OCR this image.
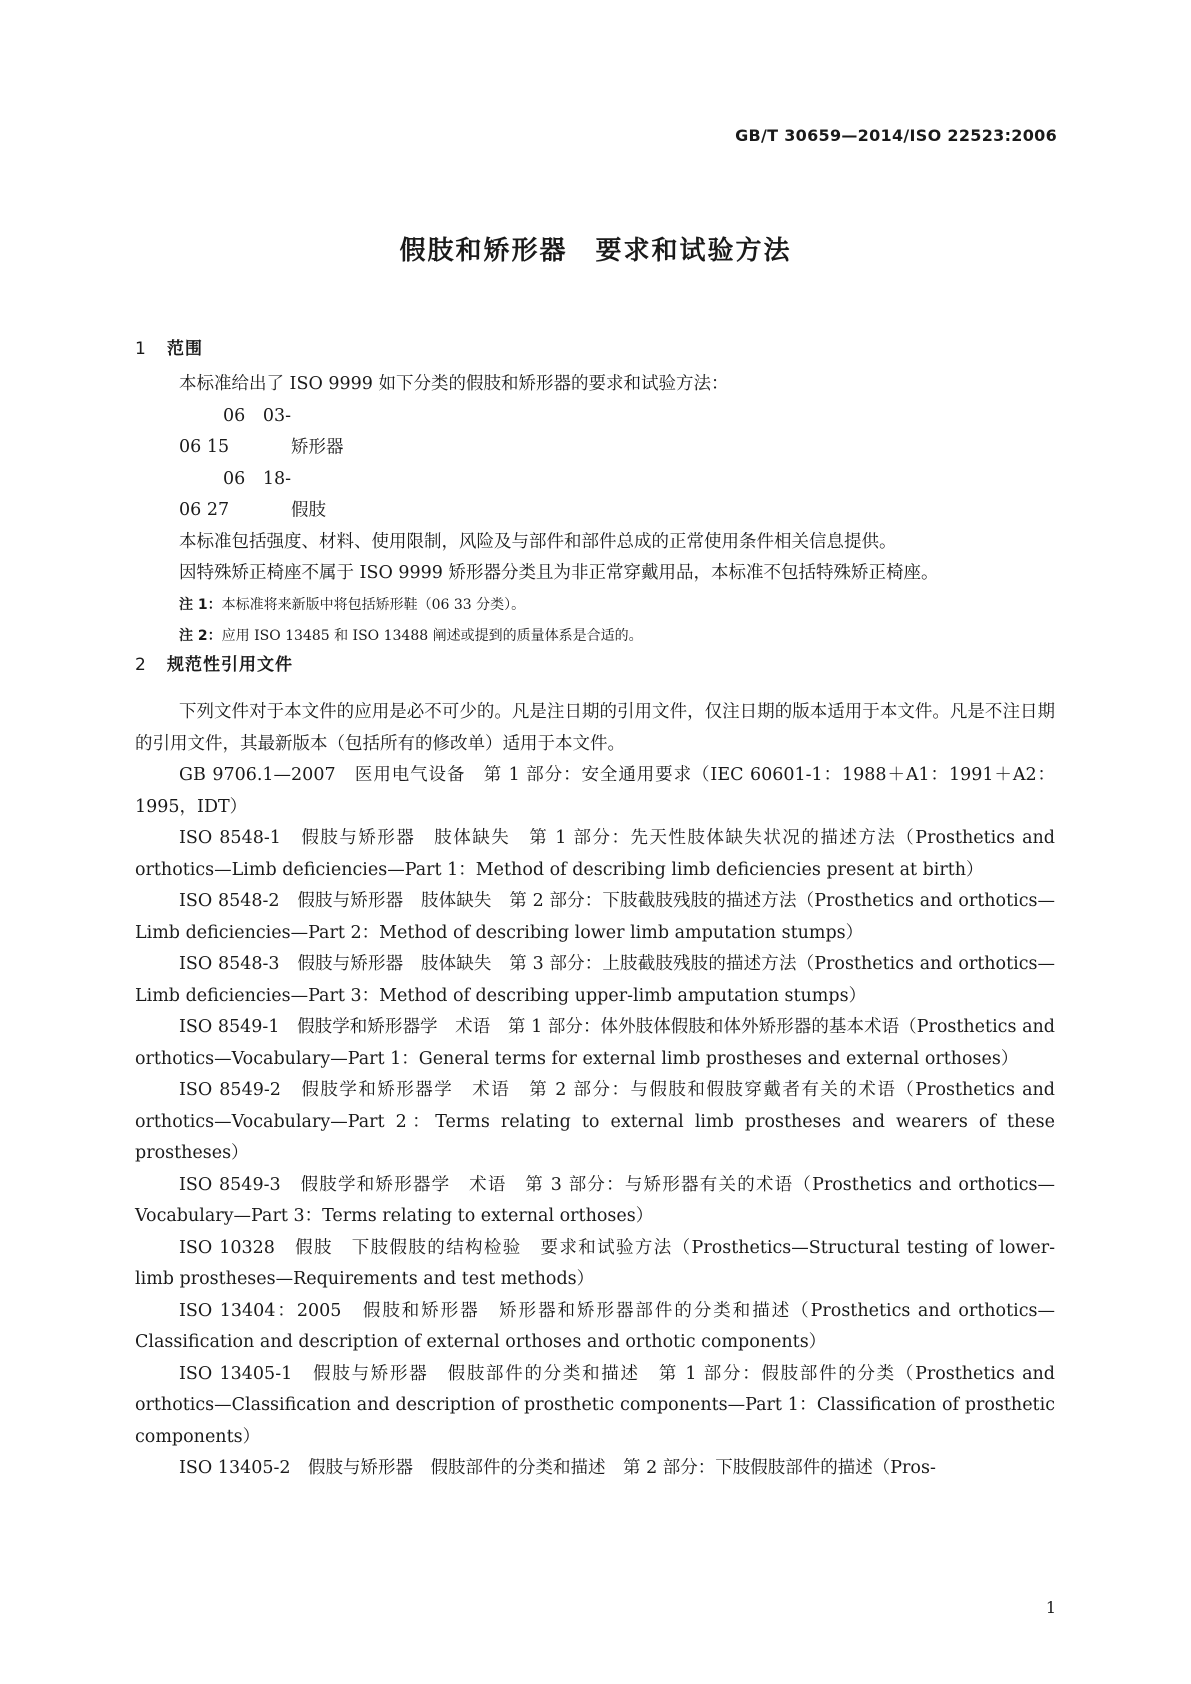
GB/T 30659—2014/ISO 22523:2006
假肢和矫形器　要求和试验方法
1 范围

本标准给出了 ISO 9999 如下分类的假肢和矫形器的要求和试验方法：

06 03-06 15	矫形器

06 18-06 27	假肢

本标准包括强度、材料、使用限制，风险及与部件和部件总成的正常使用条件相关信息提供。

因特殊矫正椅座不属于 ISO 9999 矫形器分类且为非正常穿戴用品，本标准不包括特殊矫正椅座。

注 1：本标准将来新版中将包括矫形鞋（06 33 分类）。

注 2：应用 ISO 13485 和 ISO 13488 阐述或提到的质量体系是合适的。

2 规范性引用文件

下列文件对于本文件的应用是必不可少的。凡是注日期的引用文件，仅注日期的版本适用于本文件。凡是不注日期的引用文件，其最新版本（包括所有的修改单）适用于本文件。

GB 9706.1—2007　医用电气设备　第 1 部分：安全通用要求（IEC 60601-1：1988＋A1：1991＋A2：1995，IDT）

ISO 8548-1　假肢与矫形器　肢体缺失　第 1 部分：先天性肢体缺失状况的描述方法（Prosthetics and orthotics—Limb deficiencies—Part 1：Method of describing limb deficiencies present at birth）

ISO 8548-2　假肢与矫形器　肢体缺失　第 2 部分：下肢截肢残肢的描述方法（Prosthetics and orthotics—Limb deficiencies—Part 2：Method of describing lower limb amputation stumps）

ISO 8548-3　假肢与矫形器　肢体缺失　第 3 部分：上肢截肢残肢的描述方法（Prosthetics and orthotics—Limb deficiencies—Part 3：Method of describing upper-limb amputation stumps）

ISO 8549-1　假肢学和矫形器学　术语　第 1 部分：体外肢体假肢和体外矫形器的基本术语（Prosthetics and orthotics—Vocabulary—Part 1：General terms for external limb prostheses and external orthoses）

ISO 8549-2　假肢学和矫形器学　术语　第 2 部分：与假肢和假肢穿戴者有关的术语（Prosthetics and orthotics—Vocabulary—Part 2：Terms relating to external limb prostheses and wearers of these prostheses）

ISO 8549-3　假肢学和矫形器学　术语　第 3 部分：与矫形器有关的术语（Prosthetics and orthotics—Vocabulary—Part 3：Terms relating to external orthoses）

ISO 10328　假肢　下肢假肢的结构检验　要求和试验方法（Prosthetics—Structural testing of lower-limb prostheses—Requirements and test methods）

ISO 13404：2005　假肢和矫形器　矫形器和矫形器部件的分类和描述（Prosthetics and orthotics—Classification and description of external orthoses and orthotic components）

ISO 13405-1　假肢与矫形器　假肢部件的分类和描述　第 1 部分：假肢部件的分类（Prosthetics and orthotics—Classification and description of prosthetic components—Part 1：Classification of prosthetic components）

ISO 13405-2　假肢与矫形器　假肢部件的分类和描述　第 2 部分：下肢假肢部件的描述（Pros-

1
